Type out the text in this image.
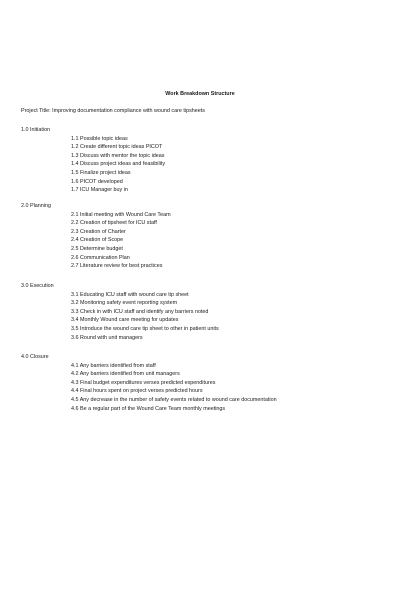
Work Breakdown Structure
Project Title: Improving documentation compliance with wound care tipsheets
1.0 Initiation
1.1 Possible topic ideas
1.2 Create different topic ideas PICOT
1.3 Discuss with mentor the topic ideas
1.4 Discuss project ideas and feasibility
1.5 Finalize project ideas
1.6 PICOT developed
1.7 ICU Manager buy in
2.0 Planning
2.1 Initial meeting with Wound Care Team
2.2 Creation of tipsheet for ICU staff
2.3 Creation of Charter
2.4 Creation of Scope
2.5 Determine budget
2.6 Communication Plan
2.7 Literature review for best practices
3.0 Execution
3.1 Educating ICU staff with wound care tip sheet
3.2 Monitoring safety event reporting system
3.3 Check in with ICU staff and identify any barriers noted
3.4 Monthly Wound care meeting for updates
3.5 Introduce the wound care tip sheet to other in patient units
3.6 Round with unit managers
4.0 Closure
4.1 Any barriers identified from staff
4.2 Any barriers identified from unit managers
4.3 Final budget expenditures verses predicted expenditures
4.4 Final hours spent on project verses predicted hours
4.5 Any decrease in the number of safety events related to wound care documentation
4.6 Be a regular part of the Wound Care Team monthly meetings
